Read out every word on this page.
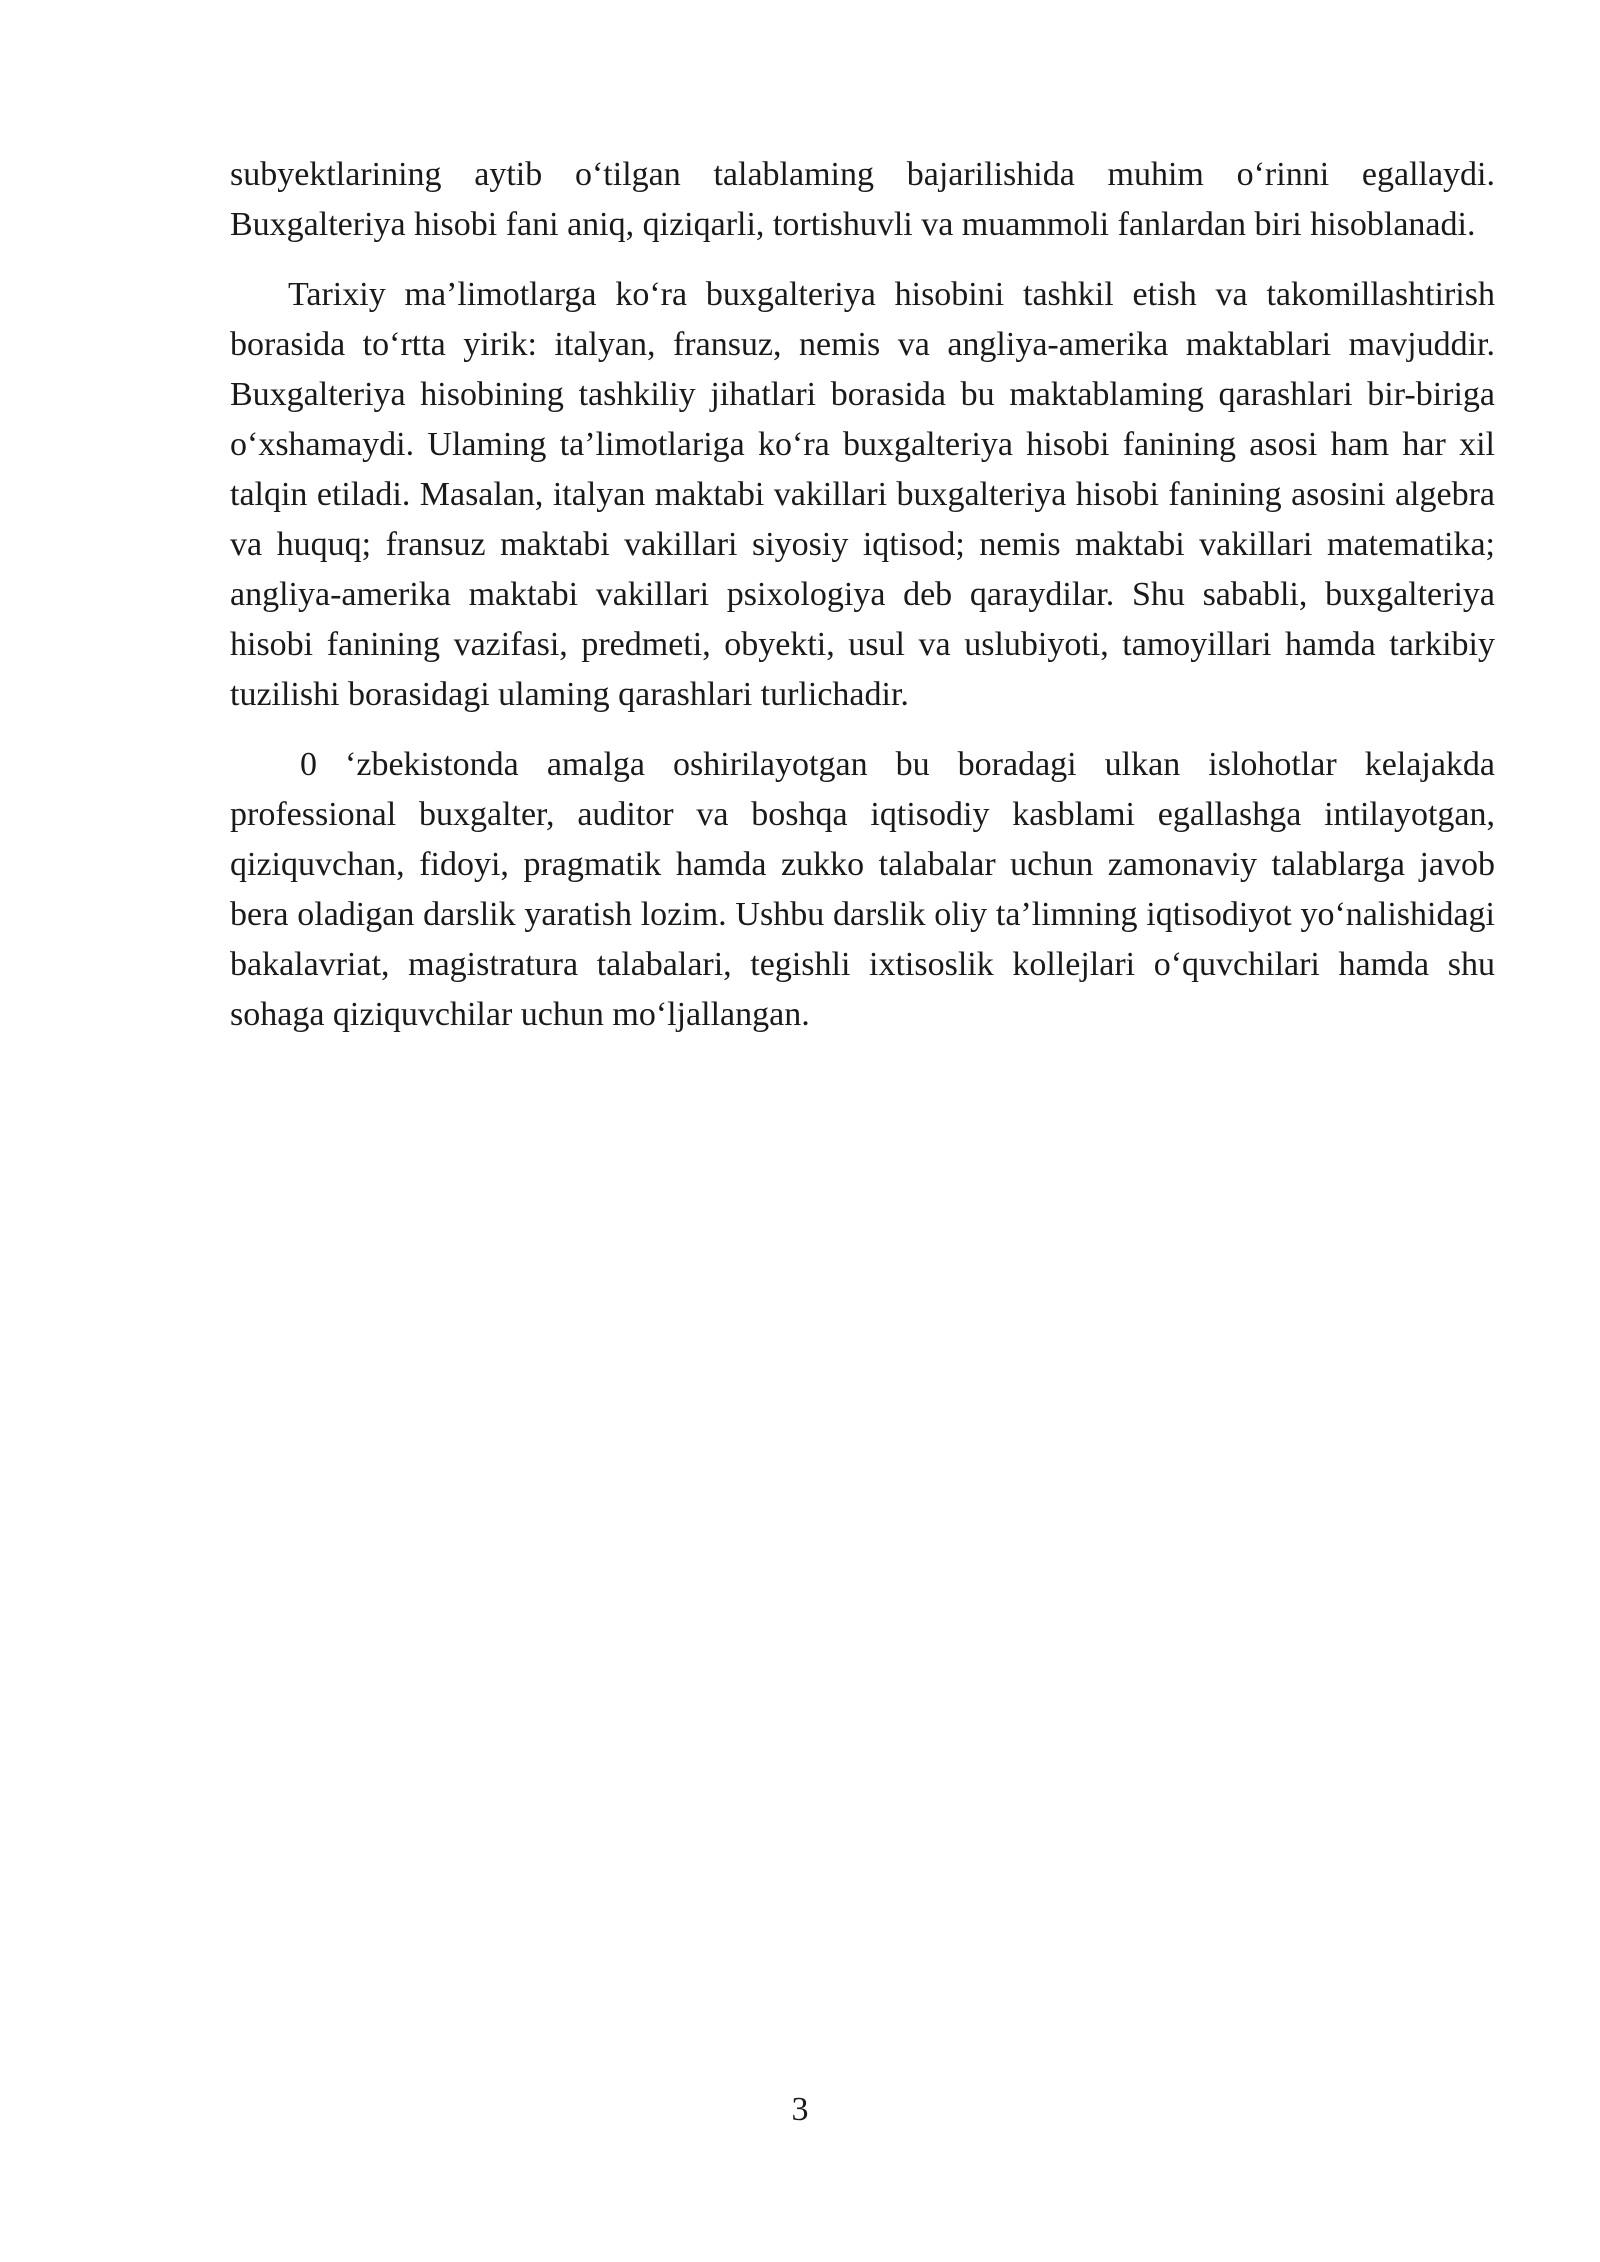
subyektlarining aytib o‘tilgan talablaming bajarilishida muhim o‘rinni egallaydi. Buxgalteriya hisobi fani aniq, qiziqarli, tortishuvli va muammoli fanlardan biri hisoblanadi.

Tarixiy ma’limotlarga ko‘ra buxgalteriya hisobini tashkil etish va takomillashtirish borasida to‘rtta yirik: italyan, fransuz, nemis va angliya-amerika maktablari mavjuddir. Buxgalteriya hisobining tashkiliy jihatlari borasida bu maktablaming qarashlari bir-biriga o‘xshamaydi. Ulaming ta’limotlariga ko‘ra buxgalteriya hisobi fanining asosi ham har xil talqin etiladi. Masalan, italyan maktabi vakillari buxgalteriya hisobi fanining asosini algebra va huquq; fransuz maktabi vakillari siyosiy iqtisod; nemis maktabi vakillari matematika; angliya-amerika maktabi vakillari psixologiya deb qaraydilar. Shu sababli, buxgalteriya hisobi fanining vazifasi, predmeti, obyekti, usul va uslubiyoti, tamoyillari hamda tarkibiy tuzilishi borasidagi ulaming qarashlari turlichadir.

0 ‘zbekistonda amalga oshirilayotgan bu boradagi ulkan islohotlar kelajakda professional buxgalter, auditor va boshqa iqtisodiy kasblami egallashga intilayotgan, qiziquvchan, fidoyi, pragmatik hamda zukko talabalar uchun zamonaviy talablarga javob bera oladigan darslik yaratish lozim. Ushbu darslik oliy ta’limning iqtisodiyot yo‘nalishidagi bakalavriat, magistratura talabalari, tegishli ixtisoslik kollejlari o‘quvchilari hamda shu sohaga qiziquvchilar uchun mo‘ljallangan.

3
